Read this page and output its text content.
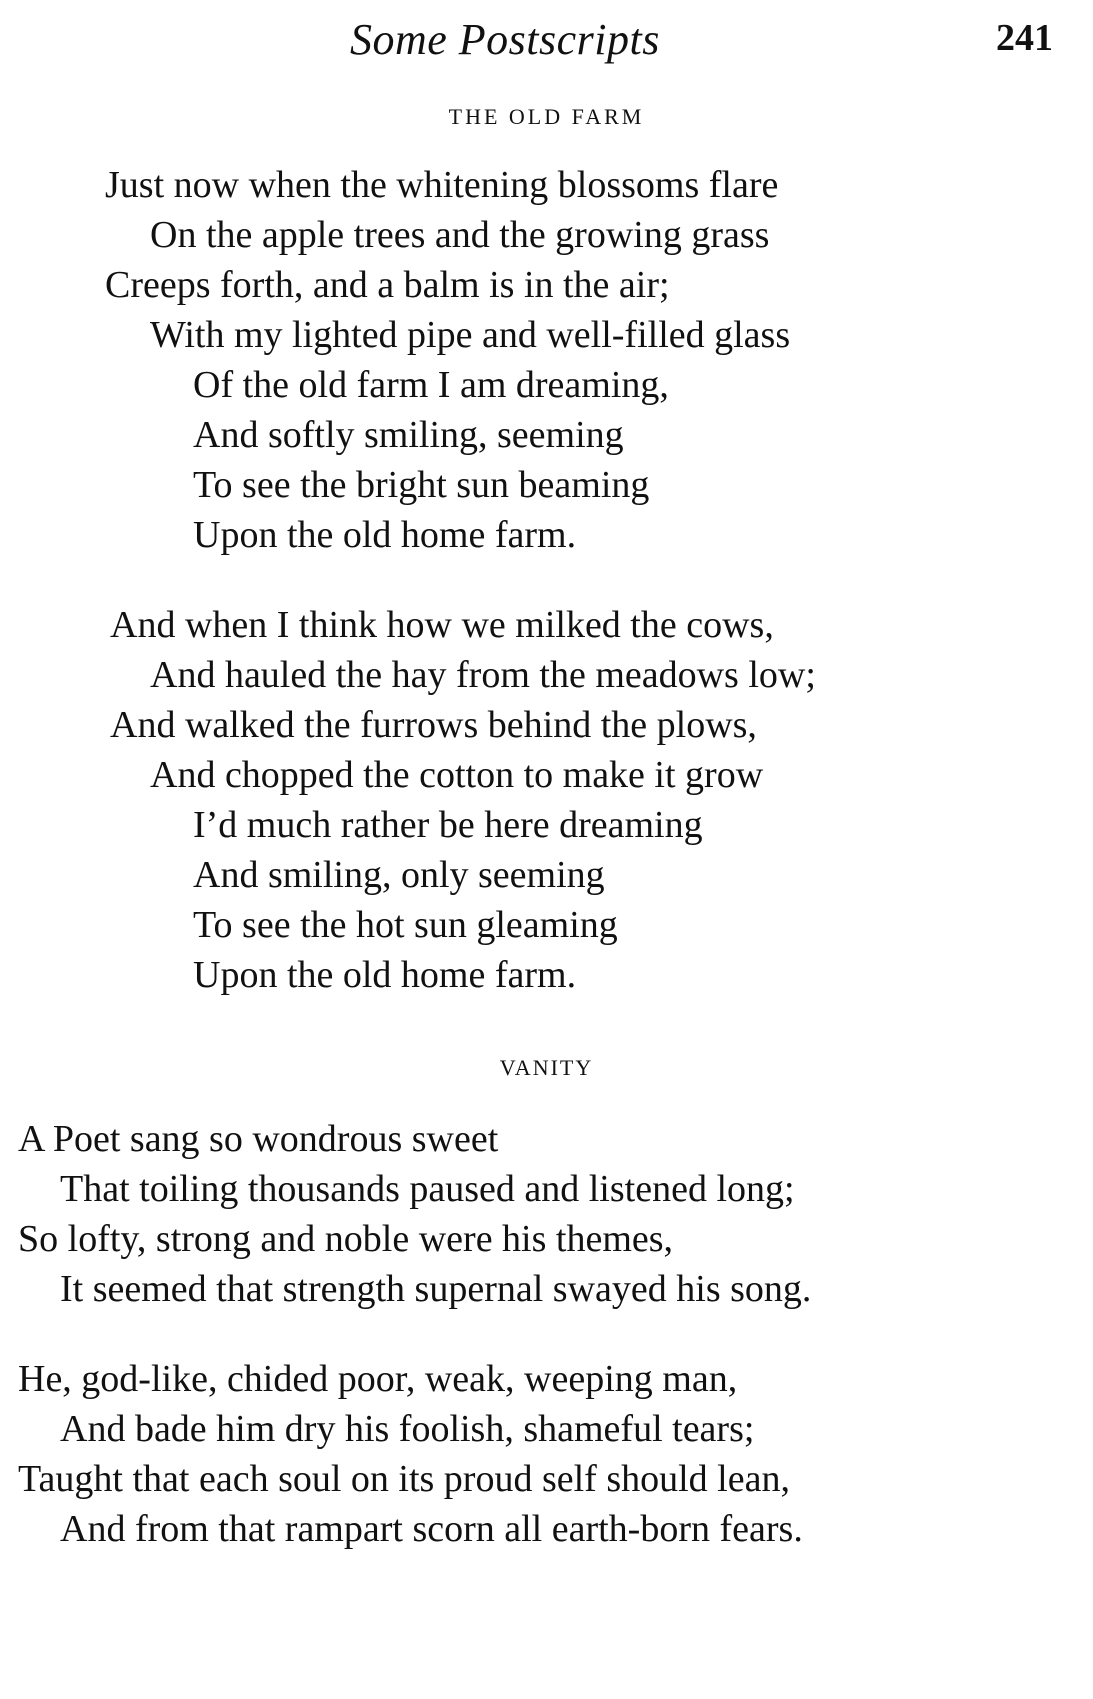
Some Postscripts	241
THE OLD FARM
Just now when the whitening blossoms flare
On the apple trees and the growing grass
Creeps forth, and a balm is in the air;
With my lighted pipe and well-filled glass
Of the old farm I am dreaming,
And softly smiling, seeming
To see the bright sun beaming
Upon the old home farm.
And when I think how we milked the cows,
And hauled the hay from the meadows low;
And walked the furrows behind the plows,
And chopped the cotton to make it grow
I’d much rather be here dreaming
And smiling, only seeming
To see the hot sun gleaming
Upon the old home farm.
VANITY
A Poet sang so wondrous sweet
That toiling thousands paused and listened long;
So lofty, strong and noble were his themes,
It seemed that strength supernal swayed his song.
He, god-like, chided poor, weak, weeping man,
And bade him dry his foolish, shameful tears;
Taught that each soul on its proud self should lean,
And from that rampart scorn all earth-born fears.
